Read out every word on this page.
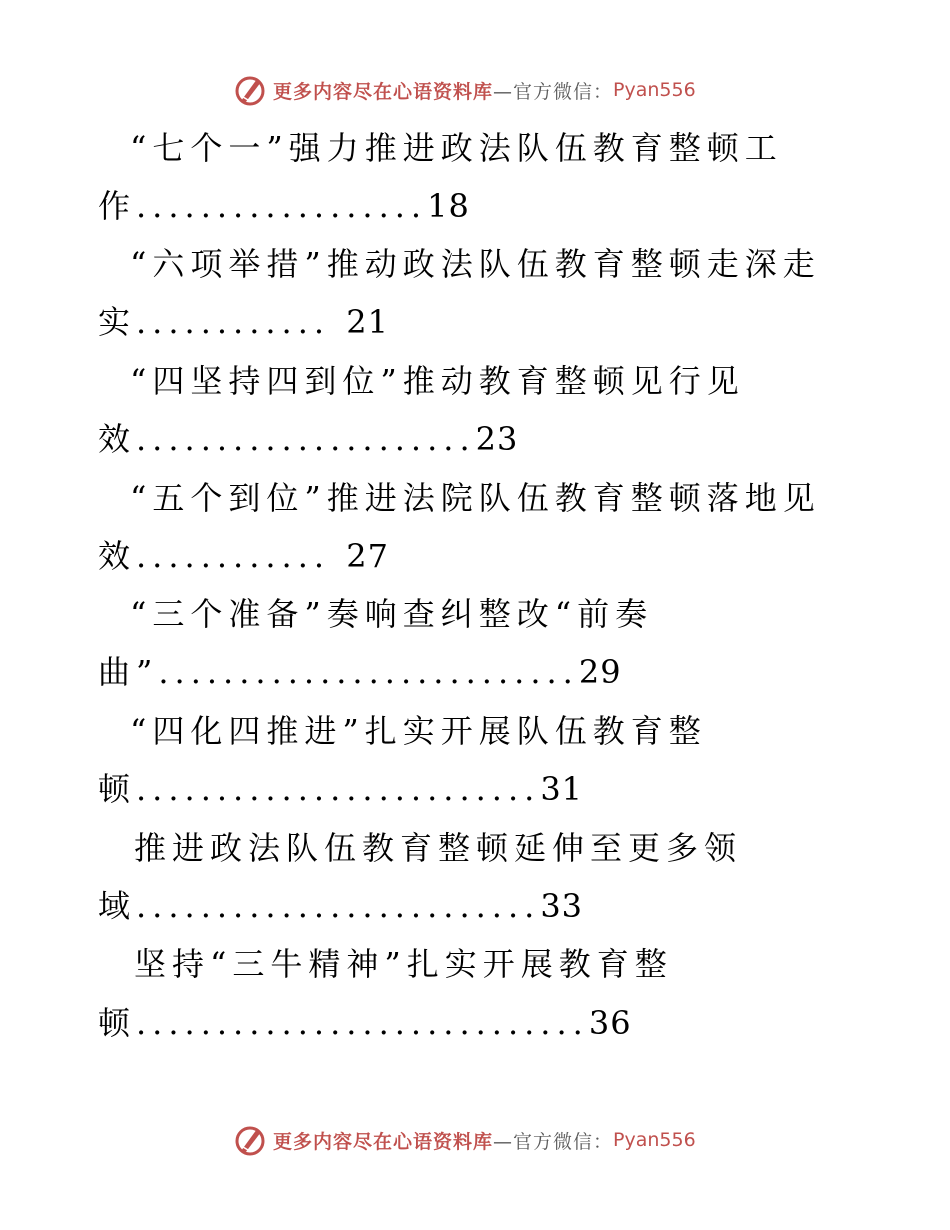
更多内容尽在心语资料库 —官方微信： Pyan556
“七个一”强力推进政法队伍教育整顿工
作..................18
“六项举措”推动政法队伍教育整顿走深走
实............ 21
“四坚持四到位”推动教育整顿见行见
效.....................23
“五个到位”推进法院队伍教育整顿落地见
效............ 27
“三个准备”奏响查纠整改“前奏
曲”..........................29
“四化四推进”扎实开展队伍教育整
顿.........................31
推进政法队伍教育整顿延伸至更多领
域.........................33
坚持“三牛精神”扎实开展教育整
顿............................36
更多内容尽在心语资料库 —官方微信： Pyan556
